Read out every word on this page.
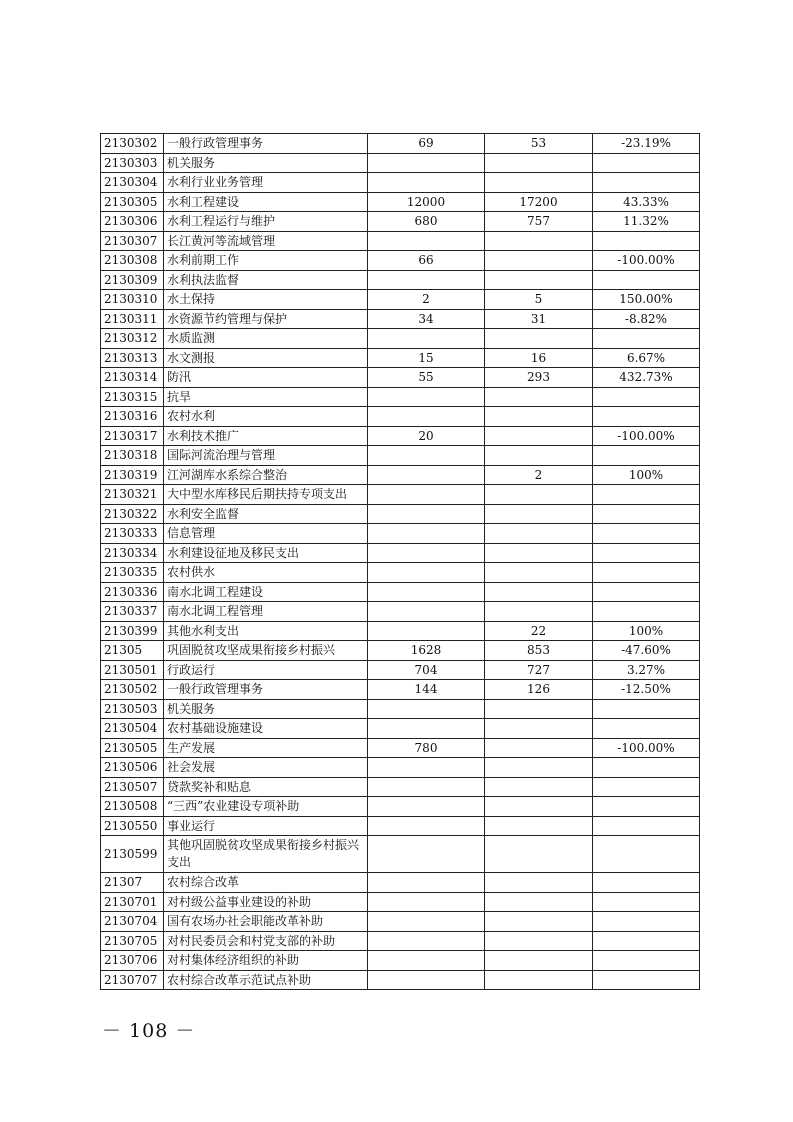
2130302	一般行政管理事务	69	53	-23.19%
2130303	机关服务			
2130304	水利行业业务管理			
2130305	水利工程建设	12000	17200	43.33%
2130306	水利工程运行与维护	680	757	11.32%
2130307	长江黄河等流域管理			
2130308	水利前期工作	66		-100.00%
2130309	水利执法监督			
2130310	水土保持	2	5	150.00%
2130311	水资源节约管理与保护	34	31	-8.82%
2130312	水质监测			
2130313	水文测报	15	16	6.67%
2130314	防汛	55	293	432.73%
2130315	抗旱			
2130316	农村水利			
2130317	水利技术推广	20		-100.00%
2130318	国际河流治理与管理			
2130319	江河湖库水系综合整治		2	100%
2130321	大中型水库移民后期扶持专项支出			
2130322	水利安全监督			
2130333	信息管理			
2130334	水利建设征地及移民支出			
2130335	农村供水			
2130336	南水北调工程建设			
2130337	南水北调工程管理			
2130399	其他水利支出		22	100%
21305	巩固脱贫攻坚成果衔接乡村振兴	1628	853	-47.60%
2130501	行政运行	704	727	3.27%
2130502	一般行政管理事务	144	126	-12.50%
2130503	机关服务			
2130504	农村基础设施建设			
2130505	生产发展	780		-100.00%
2130506	社会发展			
2130507	贷款奖补和贴息			
2130508	“三西”农业建设专项补助			
2130550	事业运行			
2130599	其他巩固脱贫攻坚成果衔接乡村振兴支出			
21307	农村综合改革			
2130701	对村级公益事业建设的补助			
2130704	国有农场办社会职能改革补助			
2130705	对村民委员会和村党支部的补助			
2130706	对村集体经济组织的补助			
2130707	农村综合改革示范试点补助			
－ 108 －
